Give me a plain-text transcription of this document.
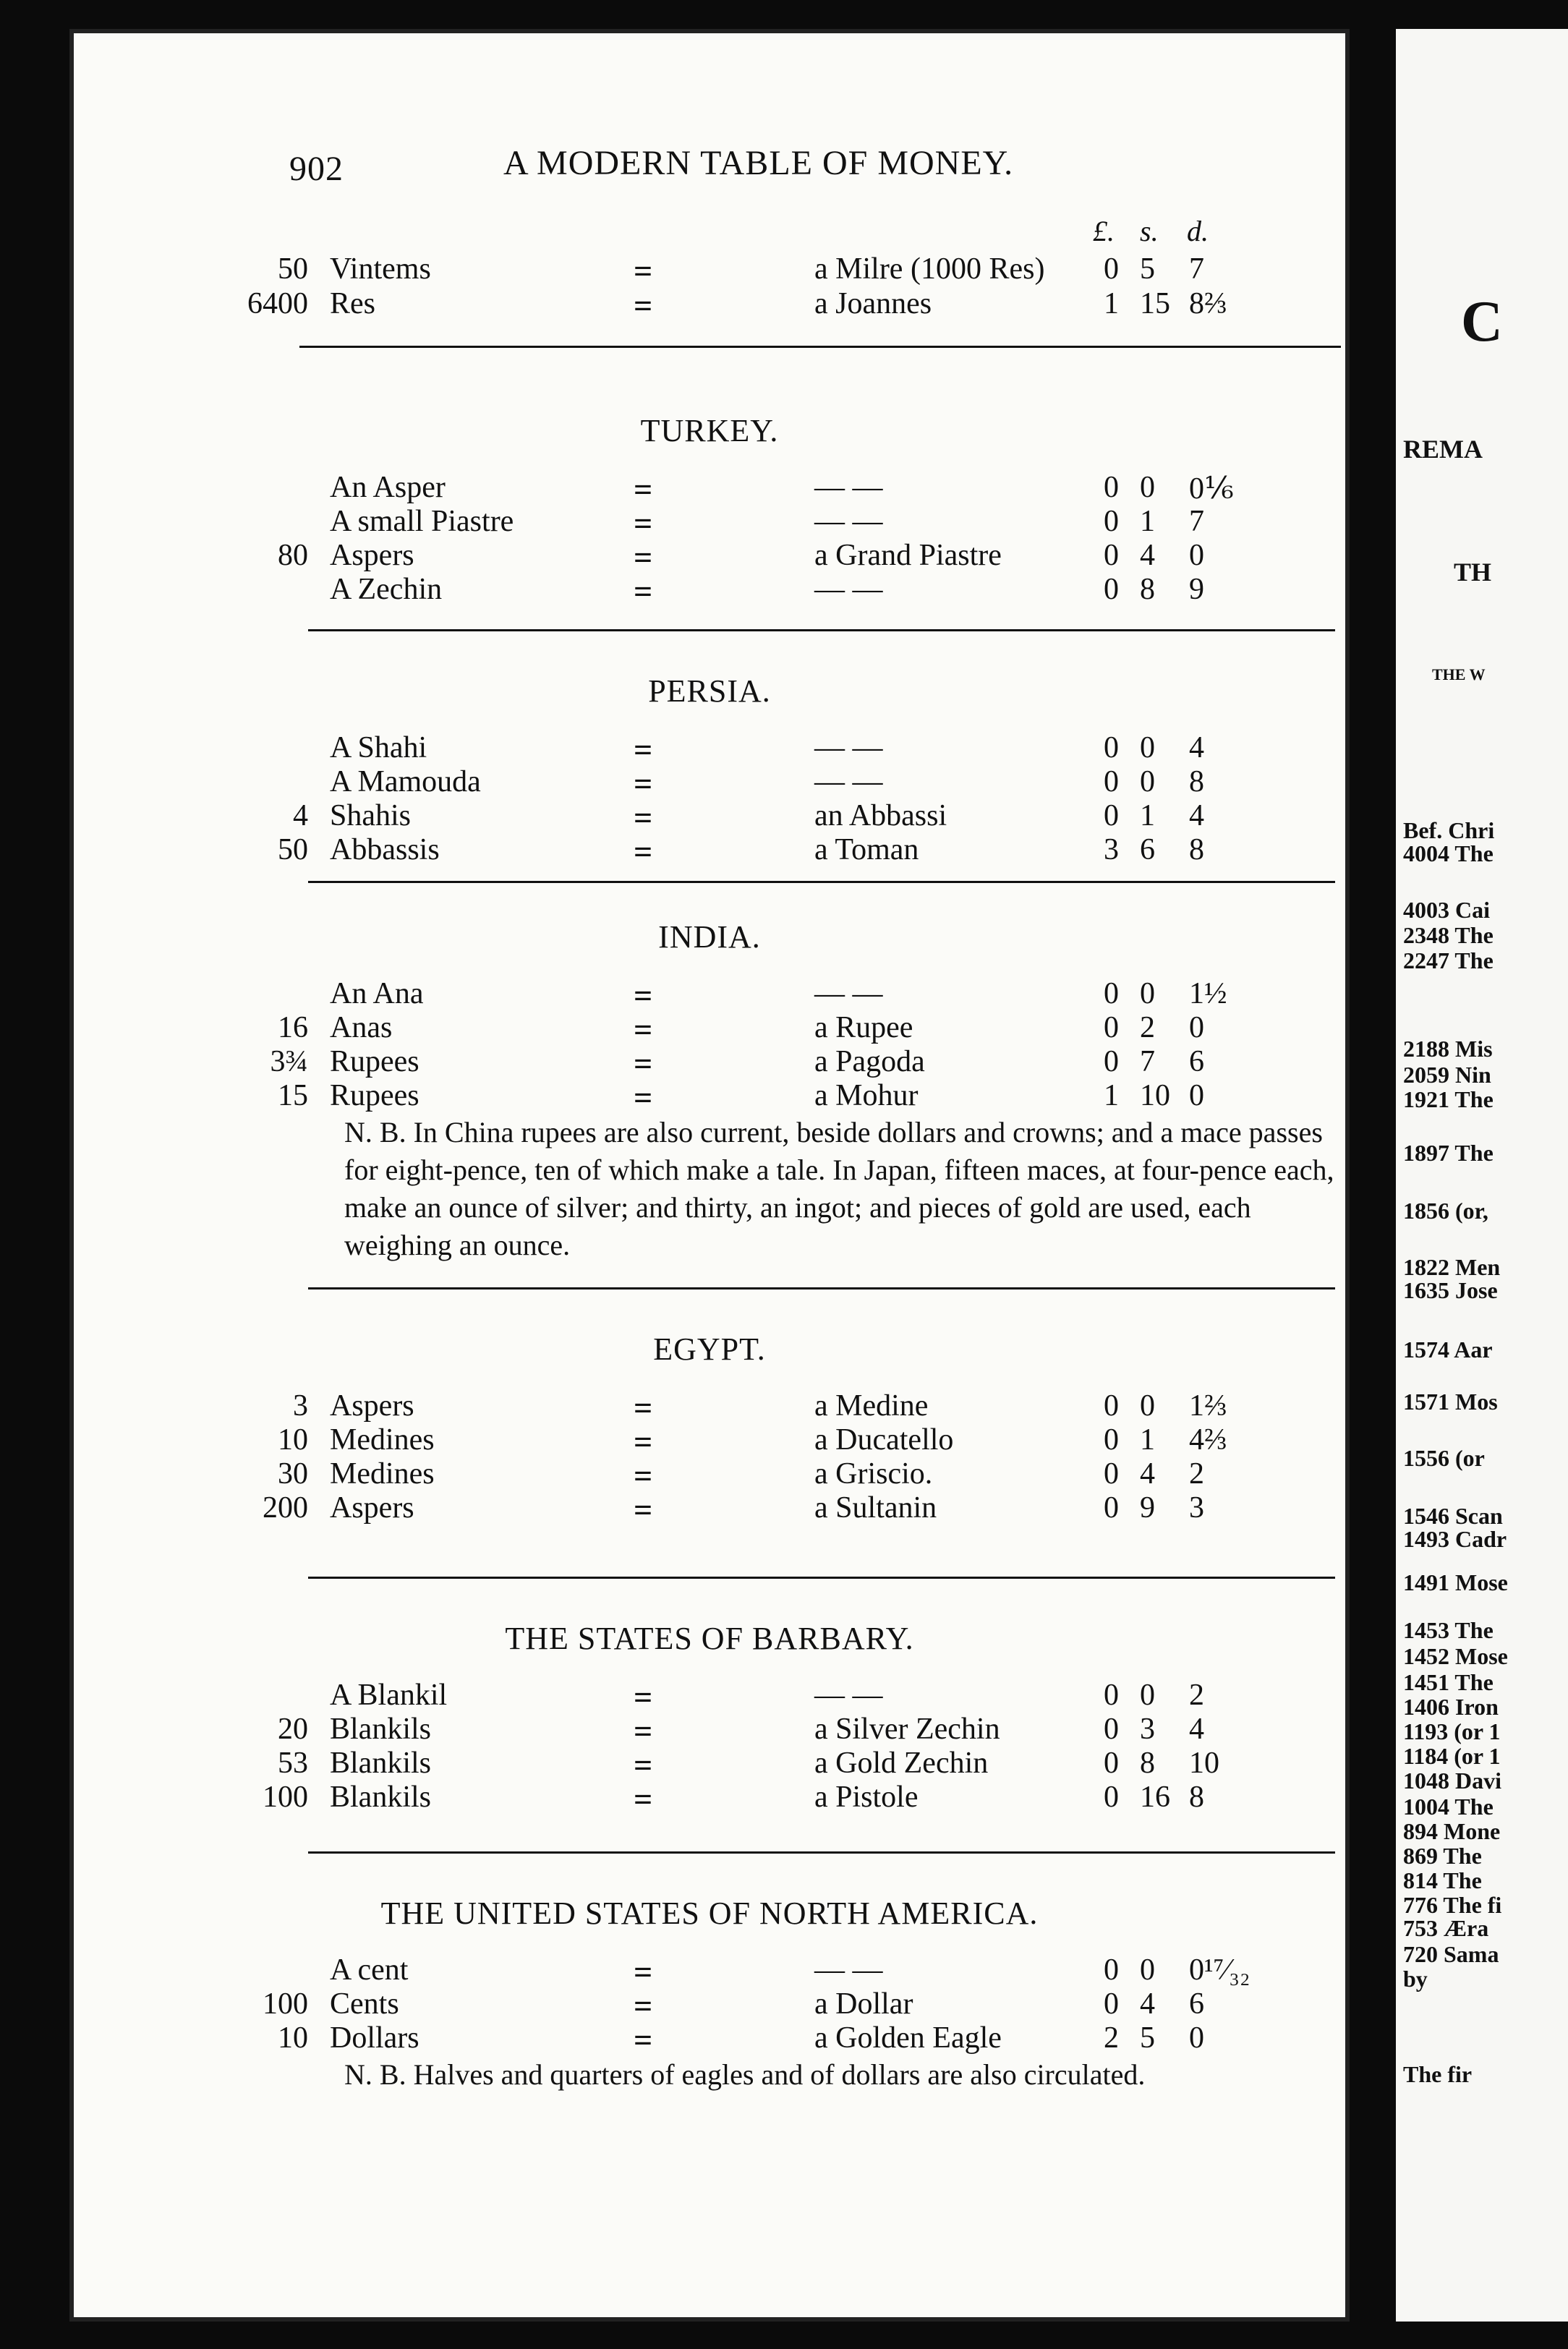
902	A MODERN TABLE OF MONEY.
£. s. d.
50 Vintems	=	a Milre (1000 Res) 0 5 7
6400 Res	=	a Joannes	1 15 8⅔
TURKEY.
An Asper	=	— —	0 0 0⅙
A small Piastre	=	— —	0 1 7
80 Aspers	=	a Grand Piastre	0 4 0
A Zechin	=	— —	0 8 9
PERSIA.
A Shahi	=	— —	0 0 4
A Mamouda	=	— —	0 0 8
4 Shahis	=	an Abbassi	0 1 4
50 Abbassis	=	a Toman	3 6 8
INDIA.
An Ana	=	— —	0 0 1½
16 Anas	=	a Rupee	0 2 0
3¾ Rupees	=	a Pagoda	0 7 6
15 Rupees	=	a Mohur	1 10 0
N. B. In China rupees are also current, beside dollars and crowns; and a mace passes for eight-pence, ten of which make a tale. In Japan, fifteen maces, at four-pence each, make an ounce of silver; and thirty, an ingot; and pieces of gold are used, each weighing an ounce.
EGYPT.
3 Aspers	=	a Medine	0 0 1⅔
10 Medines	=	a Ducatello	0 1 4⅔
30 Medines	=	a Griscio.	0 4 2
200 Aspers	=	a Sultanin	0 9 3
THE STATES OF BARBARY.
A Blankil	=	— —	0 0 2
20 Blankils	=	a Silver Zechin	0 3 4
53 Blankils	=	a Gold Zechin	0 8 10
100 Blankils	=	a Pistole	0 16 8
THE UNITED STATES OF NORTH AMERICA.
A cent	=	— —	0 0 0¹⁷⁄₃₂
100 Cents	=	a Dollar	0 4 6
10 Dollars	=	a Golden Eagle	2 5 0
N. B. Halves and quarters of eagles and of dollars are also circulated.
C
REMA
TH
THE W
Bef. Chri
4004 The
4003 Cai
2348 The
2247 The
2188 Mis
2059 Nin
1921 The
1897 The
1856 (or,
1822 Men
1635 Jose
1574 Aar
1571 Mos
1556 (or
1546 Scan
1493 Cadr
1491 Mose
1453 The
1452 Mose
1451 The
1406 Iron
1193 (or 1
1184 (or 1
1048 Davi
1004 The
894 Mone
869 The
814 The
776 The fi
753 Æra
720 Sama
by
The fir
